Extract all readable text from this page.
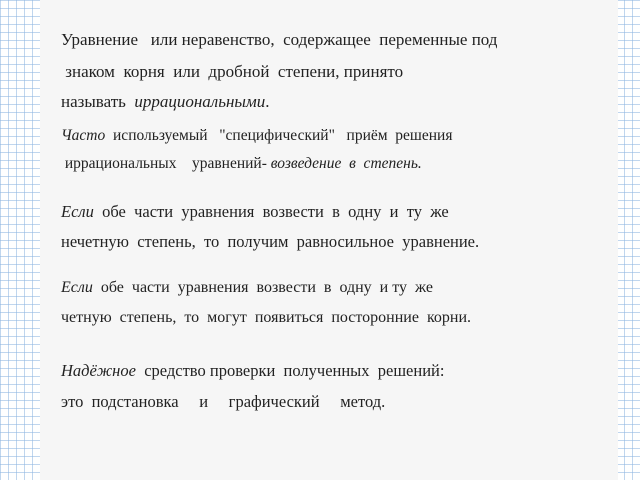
Уравнение   или неравенство,  содержащее  переменные под
знаком  корня  или  дробной  степени, принято
называть  иррациональными.
Часто  используемый   "специфический"   приём  решения
иррациональных    уравнений- возведение  в  степень.
Если  обе  части  уравнения  возвести  в  одну  и  ту  же
нечетную  степень,  то  получим  равносильное  уравнение.
Если  обе  части  уравнения  возвести  в  одну  и ту  же
четную  степень,  то  могут  появиться  посторонние  корни.
Надёжное  средство проверки  полученных  решений:
это  подстановка     и     графический     метод.
